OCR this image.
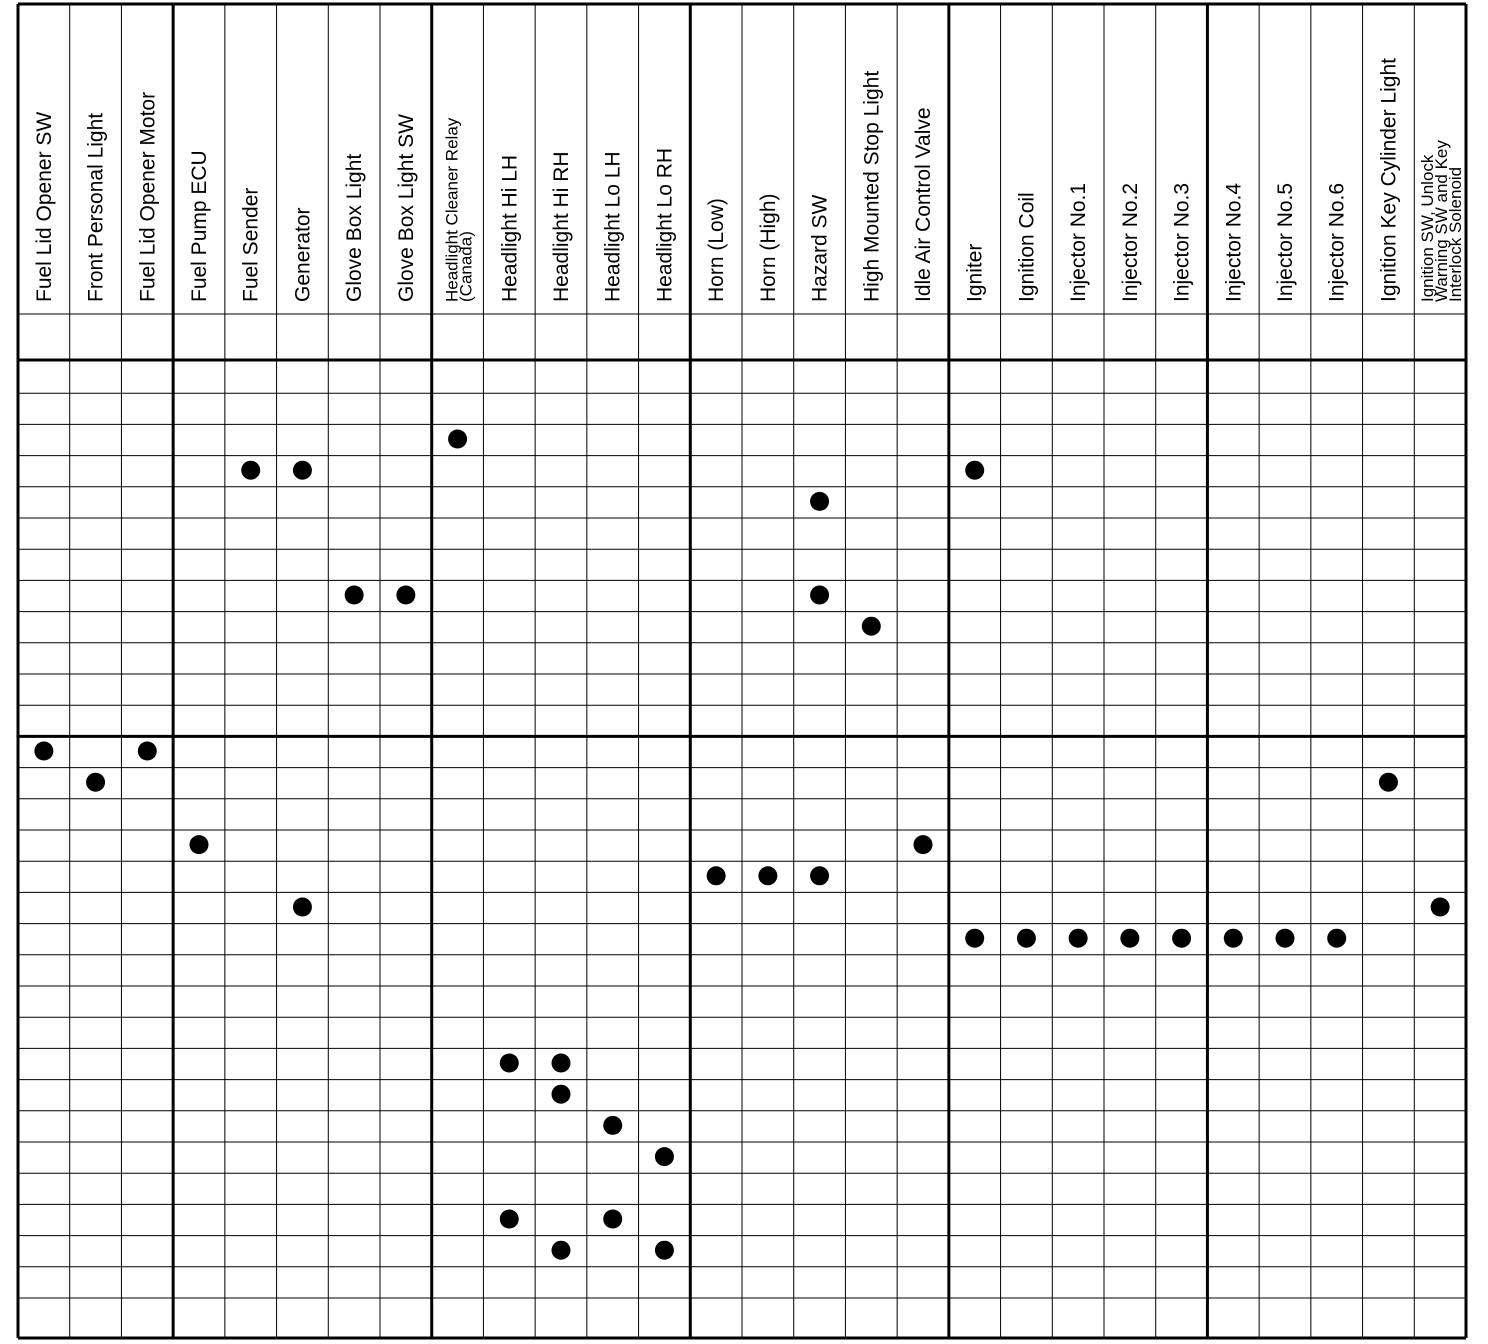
Fuel Lid Opener SW Front Personal Light Fuel Lid Opener Motor Fuel Pump ECU Fuel Sender Generator Glove Box Light Glove Box Light SW Headlight Cleaner Relay(Canada) Headlight Hi LH Headlight Hi RH Headlight Lo LH Headlight Lo RH Horn (Low) Horn (High) Hazard SW High Mounted Stop Light Idle Air Control Valve Igniter Ignition Coil Injector No.1 Injector No.2 Injector No.3 Injector No.4 Injector No.5 Injector No.6 Ignition Key Cylinder Light Ignition SW, UnlockWarning SW and KeyInterlock Solenoid
